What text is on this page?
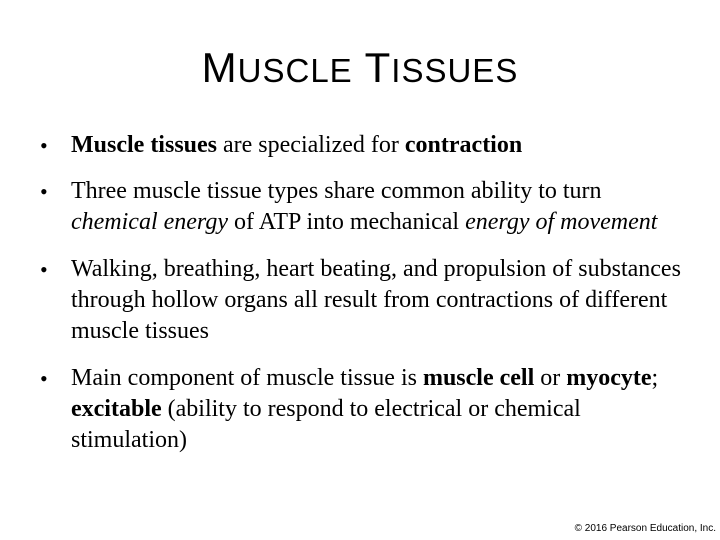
MUSCLE TISSUES
• Muscle tissues are specialized for contraction
• Three muscle tissue types share common ability to turn chemical energy of ATP into mechanical energy of movement
• Walking, breathing, heart beating, and propulsion of substances through hollow organs all result from contractions of different muscle tissues
• Main component of muscle tissue is muscle cell or myocyte; excitable (ability to respond to electrical or chemical stimulation)
© 2016 Pearson Education, Inc.
